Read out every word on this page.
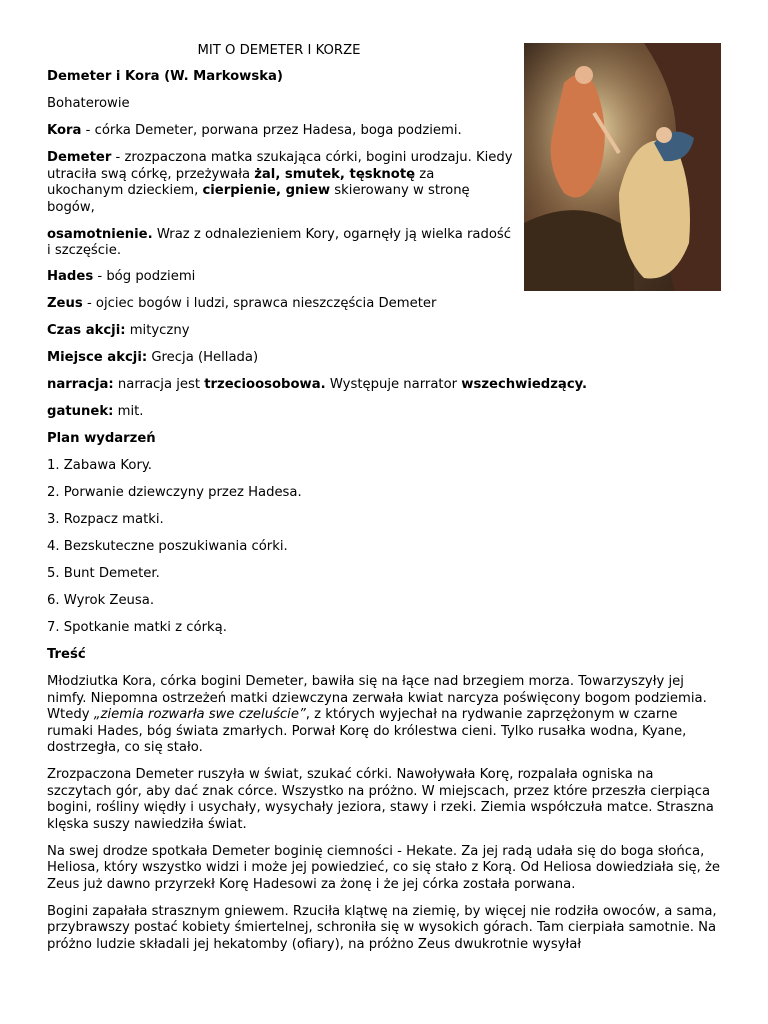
MIT O DEMETER I KORZE

Demeter i Kora (W. Markowska)

Bohaterowie

Kora - córka Demeter, porwana przez Hadesa, boga podziemi.

Demeter - zrozpaczona matka szukająca córki, bogini urodzaju. Kiedy utraciła swą córkę, przeżywała żal, smutek, tęsknotę za ukochanym dzieckiem, cierpienie, gniew skierowany w stronę bogów,

osamotnienie. Wraz z odnalezieniem Kory, ogarnęły ją wielka radość i szczęście.

Hades - bóg podziemi

Zeus - ojciec bogów i ludzi, sprawca nieszczęścia Demeter

Czas akcji: mityczny

Miejsce akcji: Grecja (Hellada)

narracja: narracja jest trzecioosobowa. Występuje narrator wszechwiedzący.

gatunek: mit.

Plan wydarzeń

1. Zabawa Kory.

2. Porwanie dziewczyny przez Hadesa.

3. Rozpacz matki.

4. Bezskuteczne poszukiwania córki.

5. Bunt Demeter.

6. Wyrok Zeusa.

7. Spotkanie matki z córką.

Treść

Młodziutka Kora, córka bogini Demeter, bawiła się na łące nad brzegiem morza. Towarzyszyły jej nimfy. Niepomna ostrzeżeń matki dziewczyna zerwała kwiat narcyza poświęcony bogom podziemia. Wtedy „ziemia rozwarła swe czeluście”, z których wyjechał na rydwanie zaprzężonym w czarne rumaki Hades, bóg świata zmarłych. Porwał Korę do królestwa cieni. Tylko rusałka wodna, Kyane, dostrzegła, co się stało.

Zrozpaczona Demeter ruszyła w świat, szukać córki. Nawoływała Korę, rozpalała ogniska na szczytach gór, aby dać znak córce. Wszystko na próżno. W miejscach, przez które przeszła cierpiąca bogini, rośliny więdły i usychały, wysychały jeziora, stawy i rzeki. Ziemia współczuła matce. Straszna klęska suszy nawiedziła świat.

Na swej drodze spotkała Demeter boginię ciemności - Hekate. Za jej radą udała się do boga słońca, Heliosa, który wszystko widzi i może jej powiedzieć, co się stało z Korą. Od Heliosa dowiedziała się, że Zeus już dawno przyrzekł Korę Hadesowi za żonę i że jej córka została porwana.

Bogini zapałała strasznym gniewem. Rzuciła klątwę na ziemię, by więcej nie rodziła owoców, a sama, przybrawszy postać kobiety śmiertelnej, schroniła się w wysokich górach. Tam cierpiała samotnie. Na próżno ludzie składali jej hekatomby (ofiary), na próżno Zeus dwukrotnie wysyłał
